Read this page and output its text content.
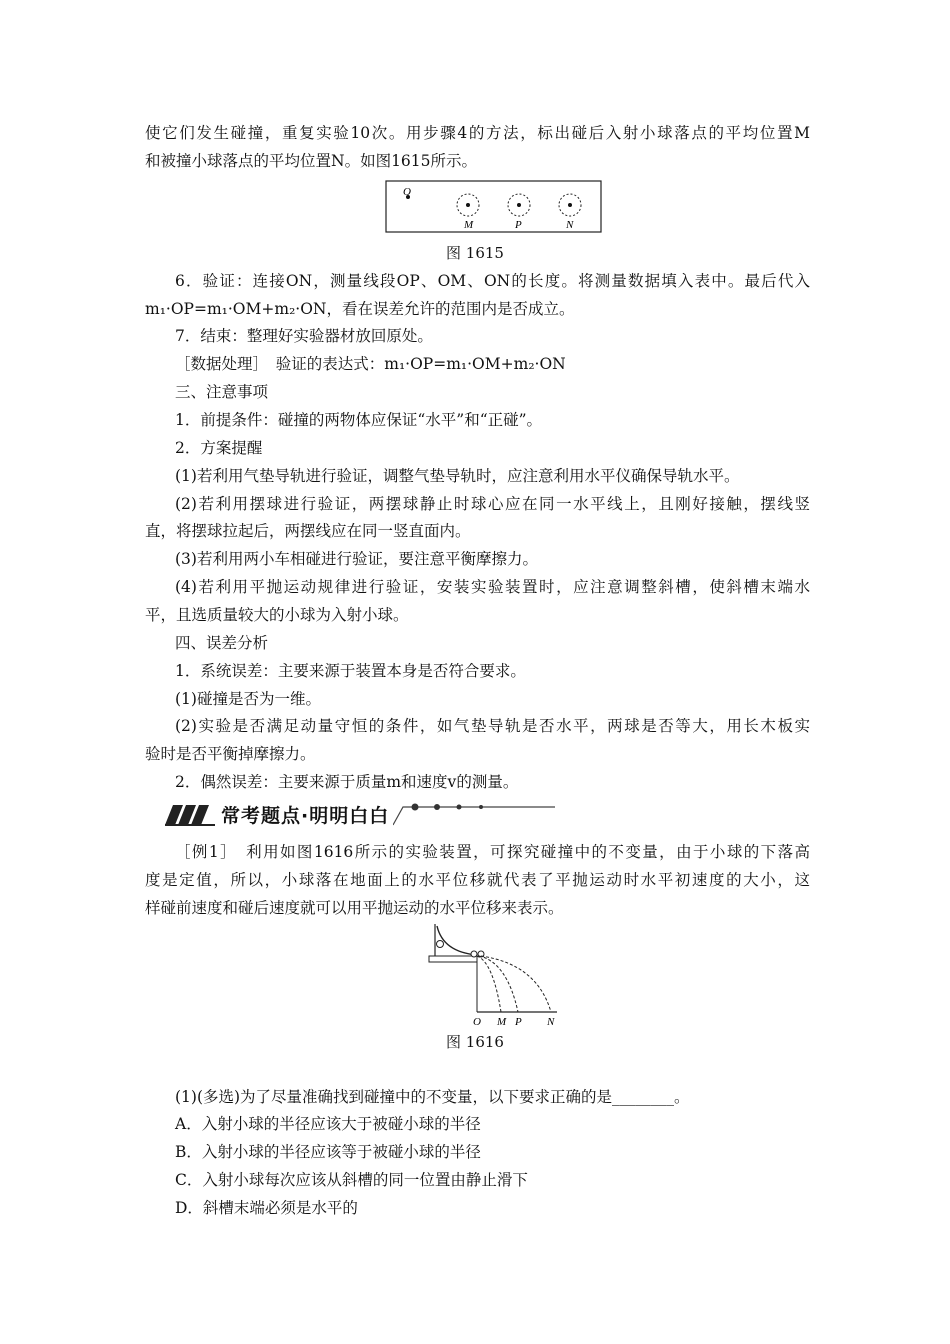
使它们发生碰撞，重复实验10次。用步骤4的方法，标出碰后入射小球落点的平均位置M
和被撞小球落点的平均位置N。如图1615所示。
O
M	P	N
图 1615
6．验证：连接ON，测量线段OP、OM、ON的长度。将测量数据填入表中。最后代入
m₁·OP=m₁·OM+m₂·ON，看在误差允许的范围内是否成立。
7．结束：整理好实验器材放回原处。
［数据处理］　验证的表达式：m₁·OP=m₁·OM+m₂·ON
三、注意事项
1．前提条件：碰撞的两物体应保证“水平”和“正碰”。
2．方案提醒
(1)若利用气垫导轨进行验证，调整气垫导轨时，应注意利用水平仪确保导轨水平。
(2)若利用摆球进行验证，两摆球静止时球心应在同一水平线上，且刚好接触，摆线竖
直，将摆球拉起后，两摆线应在同一竖直面内。
(3)若利用两小车相碰进行验证，要注意平衡摩擦力。
(4)若利用平抛运动规律进行验证，安装实验装置时，应注意调整斜槽，使斜槽末端水
平，且选质量较大的小球为入射小球。
四、误差分析
1．系统误差：主要来源于装置本身是否符合要求。
(1)碰撞是否为一维。
(2)实验是否满足动量守恒的条件，如气垫导轨是否水平，两球是否等大，用长木板实
验时是否平衡掉摩擦力。
2．偶然误差：主要来源于质量m和速度v的测量。
常考题点·明明白白
［例1］　利用如图1616所示的实验装置，可探究碰撞中的不变量，由于小球的下落高
度是定值，所以，小球落在地面上的水平位移就代表了平抛运动时水平初速度的大小，这
样碰前速度和碰后速度就可以用平抛运动的水平位移来表示。
O M P N
图 1616
(1)(多选)为了尽量准确找到碰撞中的不变量，以下要求正确的是________。
A．入射小球的半径应该大于被碰小球的半径
B．入射小球的半径应该等于被碰小球的半径
C．入射小球每次应该从斜槽的同一位置由静止滑下
D．斜槽末端必须是水平的
